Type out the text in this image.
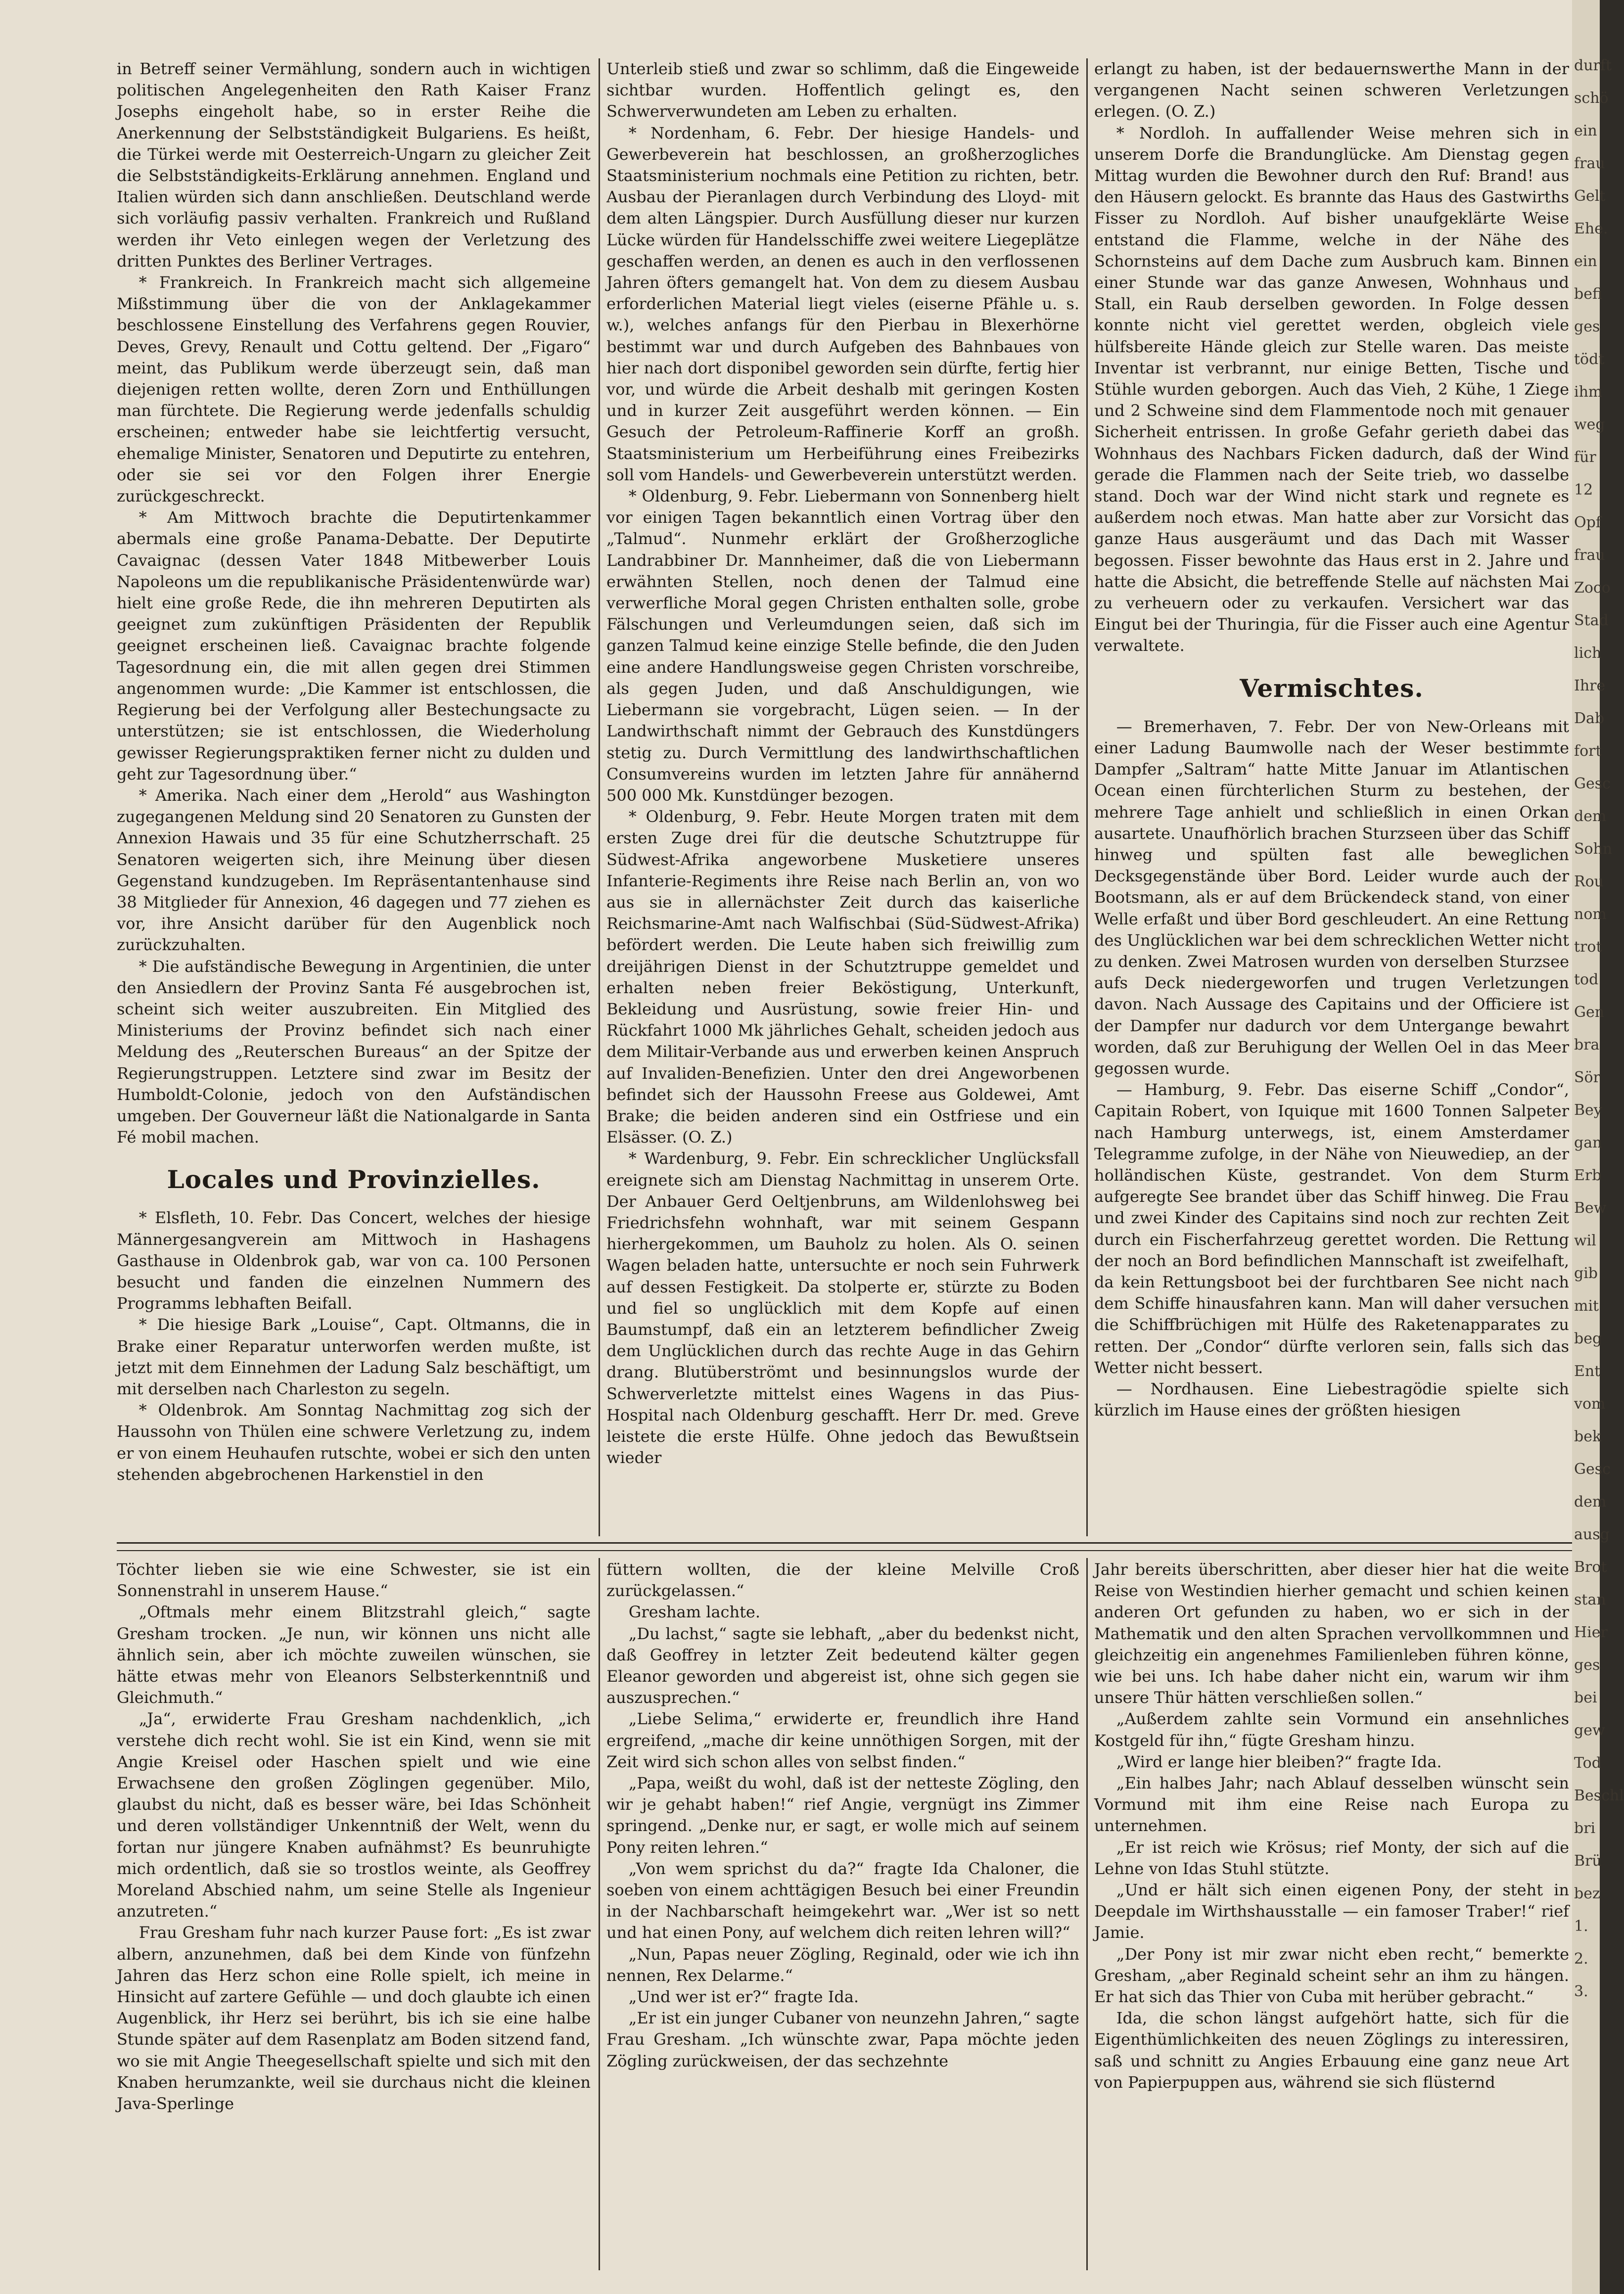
in Betreff seiner Vermählung, sondern auch in wichtigen politischen Angelegenheiten den Rath Kaiser Franz Josephs eingeholt habe, so in erster Reihe die Anerkennung der Selbstständigkeit Bulgariens. Es heißt, die Türkei werde mit Oesterreich-Ungarn zu gleicher Zeit die Selbstständigkeits-Erklärung annehmen. England und Italien würden sich dann anschließen. Deutschland werde sich vorläufig passiv verhalten. Frankreich und Rußland werden ihr Veto einlegen wegen der Verletzung des dritten Punktes des Berliner Vertrages.

* Frankreich. In Frankreich macht sich allgemeine Mißstimmung über die von der Anklagekammer beschlossene Einstellung des Verfahrens gegen Rouvier, Deves, Grevy, Renault und Cottu geltend. Der „Figaro“ meint, das Publikum werde überzeugt sein, daß man diejenigen retten wollte, deren Zorn und Enthüllungen man fürchtete. Die Regierung werde jedenfalls schuldig erscheinen; entweder habe sie leichtfertig versucht, ehemalige Minister, Senatoren und Deputirte zu entehren, oder sie sei vor den Folgen ihrer Energie zurückgeschreckt.

* Am Mittwoch brachte die Deputirtenkammer abermals eine große Panama-Debatte. Der Deputirte Cavaignac (dessen Vater 1848 Mitbewerber Louis Napoleons um die republikanische Präsidentenwürde war) hielt eine große Rede, die ihn mehreren Deputirten als geeignet zum zukünftigen Präsidenten der Republik geeignet erscheinen ließ. Cavaignac brachte folgende Tagesordnung ein, die mit allen gegen drei Stimmen angenommen wurde: „Die Kammer ist entschlossen, die Regierung bei der Verfolgung aller Bestechungsacte zu unterstützen; sie ist entschlossen, die Wiederholung gewisser Regierungspraktiken ferner nicht zu dulden und geht zur Tagesordnung über.“

* Amerika. Nach einer dem „Herold“ aus Washington zugegangenen Meldung sind 20 Senatoren zu Gunsten der Annexion Hawais und 35 für eine Schutzherrschaft. 25 Senatoren weigerten sich, ihre Meinung über diesen Gegenstand kundzugeben. Im Repräsentantenhause sind 38 Mitglieder für Annexion, 46 dagegen und 77 ziehen es vor, ihre Ansicht darüber für den Augenblick noch zurückzuhalten.

* Die aufständische Bewegung in Argentinien, die unter den Ansiedlern der Provinz Santa Fé ausgebrochen ist, scheint sich weiter auszubreiten. Ein Mitglied des Ministeriums der Provinz befindet sich nach einer Meldung des „Reuterschen Bureaus“ an der Spitze der Regierungstruppen. Letztere sind zwar im Besitz der Humboldt-Colonie, jedoch von den Aufständischen umgeben. Der Gouverneur läßt die Nationalgarde in Santa Fé mobil machen.

Locales und Provinzielles.

* Elsfleth, 10. Febr. Das Concert, welches der hiesige Männergesangverein am Mittwoch in Hashagens Gasthause in Oldenbrok gab, war von ca. 100 Personen besucht und fanden die einzelnen Nummern des Programms lebhaften Beifall.

* Die hiesige Bark „Louise“, Capt. Oltmanns, die in Brake einer Reparatur unterworfen werden mußte, ist jetzt mit dem Einnehmen der Ladung Salz beschäftigt, um mit derselben nach Charleston zu segeln.

* Oldenbrok. Am Sonntag Nachmittag zog sich der Haussohn von Thülen eine schwere Verletzung zu, indem er von einem Heuhaufen rutschte, wobei er sich den unten stehenden abgebrochenen Harkenstiel in den

Unterleib stieß und zwar so schlimm, daß die Eingeweide sichtbar wurden. Hoffentlich gelingt es, den Schwerverwundeten am Leben zu erhalten.

* Nordenham, 6. Febr. Der hiesige Handels- und Gewerbeverein hat beschlossen, an großherzogliches Staatsministerium nochmals eine Petition zu richten, betr. Ausbau der Pieranlagen durch Verbindung des Lloyd- mit dem alten Längspier. Durch Ausfüllung dieser nur kurzen Lücke würden für Handelsschiffe zwei weitere Liegeplätze geschaffen werden, an denen es auch in den verflossenen Jahren öfters gemangelt hat. Von dem zu diesem Ausbau erforderlichen Material liegt vieles (eiserne Pfähle u. s. w.), welches anfangs für den Pierbau in Blexerhörne bestimmt war und durch Aufgeben des Bahnbaues von hier nach dort disponibel geworden sein dürfte, fertig hier vor, und würde die Arbeit deshalb mit geringen Kosten und in kurzer Zeit ausgeführt werden können. — Ein Gesuch der Petroleum-Raffinerie Korff an großh. Staatsministerium um Herbeiführung eines Freibezirks soll vom Handels- und Gewerbeverein unterstützt werden.

* Oldenburg, 9. Febr. Liebermann von Sonnenberg hielt vor einigen Tagen bekanntlich einen Vortrag über den „Talmud“. Nunmehr erklärt der Großherzogliche Landrabbiner Dr. Mannheimer, daß die von Liebermann erwähnten Stellen, noch denen der Talmud eine verwerfliche Moral gegen Christen enthalten solle, grobe Fälschungen und Verleumdungen seien, daß sich im ganzen Talmud keine einzige Stelle befinde, die den Juden eine andere Handlungsweise gegen Christen vorschreibe, als gegen Juden, und daß Anschuldigungen, wie Liebermann sie vorgebracht, Lügen seien. — In der Landwirthschaft nimmt der Gebrauch des Kunstdüngers stetig zu. Durch Vermittlung des landwirthschaftlichen Consumvereins wurden im letzten Jahre für annähernd 500 000 Mk. Kunstdünger bezogen.

* Oldenburg, 9. Febr. Heute Morgen traten mit dem ersten Zuge drei für die deutsche Schutztruppe für Südwest-Afrika angeworbene Musketiere unseres Infanterie-Regiments ihre Reise nach Berlin an, von wo aus sie in allernächster Zeit durch das kaiserliche Reichsmarine-Amt nach Walfischbai (Süd-Südwest-Afrika) befördert werden. Die Leute haben sich freiwillig zum dreijährigen Dienst in der Schutztruppe gemeldet und erhalten neben freier Beköstigung, Unterkunft, Bekleidung und Ausrüstung, sowie freier Hin- und Rückfahrt 1000 Mk jährliches Gehalt, scheiden jedoch aus dem Militair-Verbande aus und erwerben keinen Anspruch auf Invaliden-Benefizien. Unter den drei Angeworbenen befindet sich der Haussohn Freese aus Goldewei, Amt Brake; die beiden anderen sind ein Ostfriese und ein Elsässer. (O. Z.)

* Wardenburg, 9. Febr. Ein schrecklicher Unglücksfall ereignete sich am Dienstag Nachmittag in unserem Orte. Der Anbauer Gerd Oeltjenbruns, am Wildenlohsweg bei Friedrichsfehn wohnhaft, war mit seinem Gespann hierhergekommen, um Bauholz zu holen. Als O. seinen Wagen beladen hatte, untersuchte er noch sein Fuhrwerk auf dessen Festigkeit. Da stolperte er, stürzte zu Boden und fiel so unglücklich mit dem Kopfe auf einen Baumstumpf, daß ein an letzterem befindlicher Zweig dem Unglücklichen durch das rechte Auge in das Gehirn drang. Blutüberströmt und besinnungslos wurde der Schwerverletzte mittelst eines Wagens in das Pius-Hospital nach Oldenburg geschafft. Herr Dr. med. Greve leistete die erste Hülfe. Ohne jedoch das Bewußtsein wieder

erlangt zu haben, ist der bedauernswerthe Mann in der vergangenen Nacht seinen schweren Verletzungen erlegen. (O. Z.)

* Nordloh. In auffallender Weise mehren sich in unserem Dorfe die Brandunglücke. Am Dienstag gegen Mittag wurden die Bewohner durch den Ruf: Brand! aus den Häusern gelockt. Es brannte das Haus des Gastwirths Fisser zu Nordloh. Auf bisher unaufgeklärte Weise entstand die Flamme, welche in der Nähe des Schornsteins auf dem Dache zum Ausbruch kam. Binnen einer Stunde war das ganze Anwesen, Wohnhaus und Stall, ein Raub derselben geworden. In Folge dessen konnte nicht viel gerettet werden, obgleich viele hülfsbereite Hände gleich zur Stelle waren. Das meiste Inventar ist verbrannt, nur einige Betten, Tische und Stühle wurden geborgen. Auch das Vieh, 2 Kühe, 1 Ziege und 2 Schweine sind dem Flammentode noch mit genauer Sicherheit entrissen. In große Gefahr gerieth dabei das Wohnhaus des Nachbars Ficken dadurch, daß der Wind gerade die Flammen nach der Seite trieb, wo dasselbe stand. Doch war der Wind nicht stark und regnete es außerdem noch etwas. Man hatte aber zur Vorsicht das ganze Haus ausgeräumt und das Dach mit Wasser begossen. Fisser bewohnte das Haus erst in 2. Jahre und hatte die Absicht, die betreffende Stelle auf nächsten Mai zu verheuern oder zu verkaufen. Versichert war das Eingut bei der Thuringia, für die Fisser auch eine Agentur verwaltete.

Vermischtes.

— Bremerhaven, 7. Febr. Der von New-Orleans mit einer Ladung Baumwolle nach der Weser bestimmte Dampfer „Saltram“ hatte Mitte Januar im Atlantischen Ocean einen fürchterlichen Sturm zu bestehen, der mehrere Tage anhielt und schließlich in einen Orkan ausartete. Unaufhörlich brachen Sturzseen über das Schiff hinweg und spülten fast alle beweglichen Decksgegenstände über Bord. Leider wurde auch der Bootsmann, als er auf dem Brückendeck stand, von einer Welle erfaßt und über Bord geschleudert. An eine Rettung des Unglücklichen war bei dem schrecklichen Wetter nicht zu denken. Zwei Matrosen wurden von derselben Sturzsee aufs Deck niedergeworfen und trugen Verletzungen davon. Nach Aussage des Capitains und der Officiere ist der Dampfer nur dadurch vor dem Untergange bewahrt worden, daß zur Beruhigung der Wellen Oel in das Meer gegossen wurde.

— Hamburg, 9. Febr. Das eiserne Schiff „Condor“, Capitain Robert, von Iquique mit 1600 Tonnen Salpeter nach Hamburg unterwegs, ist, einem Amsterdamer Telegramme zufolge, in der Nähe von Nieuwediep, an der holländischen Küste, gestrandet. Von dem Sturm aufgeregte See brandet über das Schiff hinweg. Die Frau und zwei Kinder des Capitains sind noch zur rechten Zeit durch ein Fischerfahrzeug gerettet worden. Die Rettung der noch an Bord befindlichen Mannschaft ist zweifelhaft, da kein Rettungsboot bei der furchtbaren See nicht nach dem Schiffe hinausfahren kann. Man will daher versuchen die Schiffbrüchigen mit Hülfe des Raketenapparates zu retten. Der „Condor“ dürfte verloren sein, falls sich das Wetter nicht bessert.

— Nordhausen. Eine Liebestragödie spielte sich kürzlich im Hause eines der größten hiesigen

Töchter lieben sie wie eine Schwester, sie ist ein Sonnenstrahl in unserem Hause.“

„Oftmals mehr einem Blitzstrahl gleich,“ sagte Gresham trocken. „Je nun, wir können uns nicht alle ähnlich sein, aber ich möchte zuweilen wünschen, sie hätte etwas mehr von Eleanors Selbsterkenntniß und Gleichmuth.“

„Ja“, erwiderte Frau Gresham nachdenklich, „ich verstehe dich recht wohl. Sie ist ein Kind, wenn sie mit Angie Kreisel oder Haschen spielt und wie eine Erwachsene den großen Zöglingen gegenüber. Milo, glaubst du nicht, daß es besser wäre, bei Idas Schönheit und deren vollständiger Unkenntniß der Welt, wenn du fortan nur jüngere Knaben aufnähmst? Es beunruhigte mich ordentlich, daß sie so trostlos weinte, als Geoffrey Moreland Abschied nahm, um seine Stelle als Ingenieur anzutreten.“

Frau Gresham fuhr nach kurzer Pause fort: „Es ist zwar albern, anzunehmen, daß bei dem Kinde von fünfzehn Jahren das Herz schon eine Rolle spielt, ich meine in Hinsicht auf zartere Gefühle — und doch glaubte ich einen Augenblick, ihr Herz sei berührt, bis ich sie eine halbe Stunde später auf dem Rasenplatz am Boden sitzend fand, wo sie mit Angie Theegesellschaft spielte und sich mit den Knaben herumzankte, weil sie durchaus nicht die kleinen Java-Sperlinge

füttern wollten, die der kleine Melville Croß zurückgelassen.“

Gresham lachte.

„Du lachst,“ sagte sie lebhaft, „aber du bedenkst nicht, daß Geoffrey in letzter Zeit bedeutend kälter gegen Eleanor geworden und abgereist ist, ohne sich gegen sie auszusprechen.“

„Liebe Selima,“ erwiderte er, freundlich ihre Hand ergreifend, „mache dir keine unnöthigen Sorgen, mit der Zeit wird sich schon alles von selbst finden.“

„Papa, weißt du wohl, daß ist der netteste Zögling, den wir je gehabt haben!“ rief Angie, vergnügt ins Zimmer springend. „Denke nur, er sagt, er wolle mich auf seinem Pony reiten lehren.“

„Von wem sprichst du da?“ fragte Ida Chaloner, die soeben von einem achttägigen Besuch bei einer Freundin in der Nachbarschaft heimgekehrt war. „Wer ist so nett und hat einen Pony, auf welchem dich reiten lehren will?“

„Nun, Papas neuer Zögling, Reginald, oder wie ich ihn nennen, Rex Delarme.“

„Und wer ist er?“ fragte Ida.

„Er ist ein junger Cubaner von neunzehn Jahren,“ sagte Frau Gresham. „Ich wünschte zwar, Papa möchte jeden Zögling zurückweisen, der das sechzehnte

Jahr bereits überschritten, aber dieser hier hat die weite Reise von Westindien hierher gemacht und schien keinen anderen Ort gefunden zu haben, wo er sich in der Mathematik und den alten Sprachen vervollkommnen und gleichzeitig ein angenehmes Familienleben führen könne, wie bei uns. Ich habe daher nicht ein, warum wir ihm unsere Thür hätten verschließen sollen.“

„Außerdem zahlte sein Vormund ein ansehnliches Kostgeld für ihn,“ fügte Gresham hinzu.

„Wird er lange hier bleiben?“ fragte Ida.

„Ein halbes Jahr; nach Ablauf desselben wünscht sein Vormund mit ihm eine Reise nach Europa zu unternehmen.

„Er ist reich wie Krösus; rief Monty, der sich auf die Lehne von Idas Stuhl stützte.

„Und er hält sich einen eigenen Pony, der steht in Deepdale im Wirthshausstalle — ein famoser Traber!“ rief Jamie.

„Der Pony ist mir zwar nicht eben recht,“ bemerkte Gresham, „aber Reginald scheint sehr an ihm zu hängen. Er hat sich das Thier von Cuba mit herüber gebracht.“

Ida, die schon längst aufgehört hatte, sich für die Eigenthümlichkeiten des neuen Zöglings zu interessiren, saß und schnitt zu Angies Erbauung eine ganz neue Art von Papierpuppen aus, während sie sich flüsternd

durft
schö
ein
frau
Gelt
Ehe.
ein
befi
ges
tödt
ihm
weg
für
12
Opf
frau
Zoco
Stad
lich
Ihre
Dab
fort
Gesc
dem
Sohn
Rou
nom
trot
tod
Gen
bra
Sör
Bey
gan
Erb
Bew
wil
gib
mit
beg
Ent
vom
bek
Gesc
dem
ausg
Brot
stan
Hier
ges
bei
gew
Tod
Beschl
bri
Brü
bez
1.
2.
3.
